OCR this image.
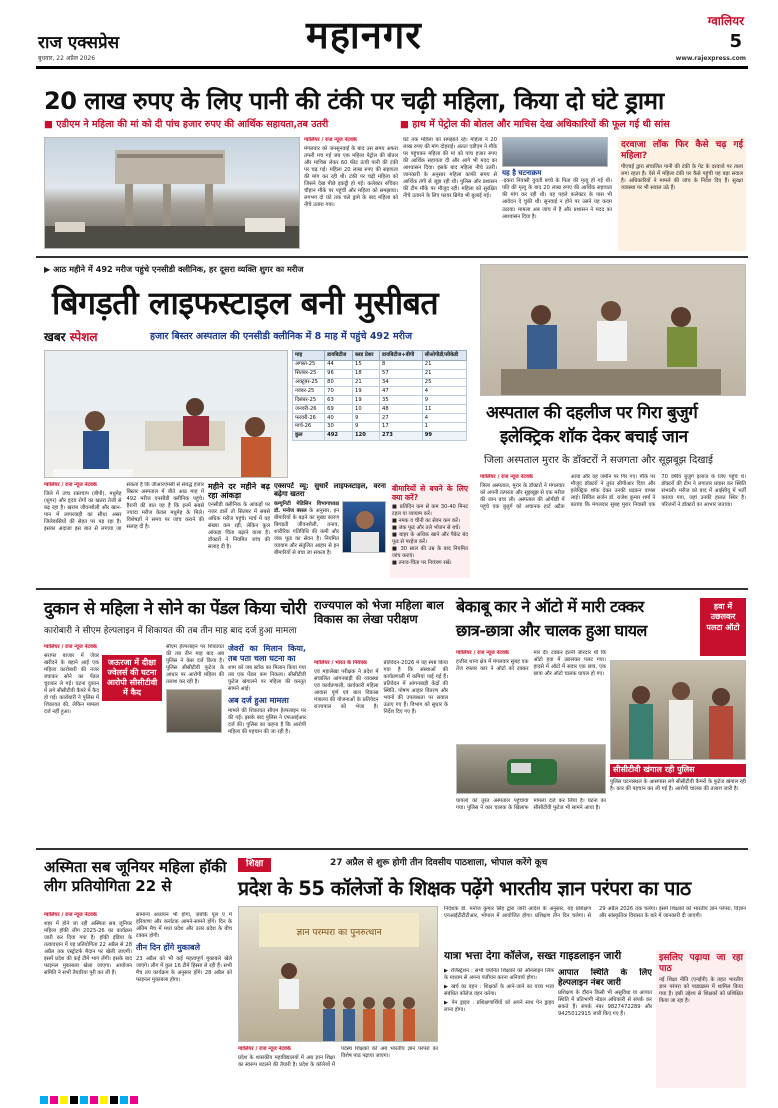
राज एक्सप्रेस
बुधवार, 22 अप्रैल 2026
महानगर	ग्वालियर
5
www.rajexpress.com
20 लाख रुपए के लिए पानी की टंकी पर चढ़ी महिला, किया दो घंटे ड्रामा
■ एडीएम ने महिला की मां को दी पांच हजार रुपए की आर्थिक सहायता,तब उतरी	■ हाथ में पेट्रोल की बोतल और माचिस देख अधिकारियों की फूल गई थी सांस
ग्वालियर / राज न्यूज नेटवर्क
मंगलवार को जनसुनवाई के बाद उस समय अफरा तफरी मच गई जब एक महिला पेट्रोल की बोतल और माचिस लेकर 60 फीट ऊंची पानी की टंकी पर चढ़ गई। महिला 20 लाख रुपए की सहायता की मांग कर रही थी। टंकी पर चढ़ी महिला को जिसने देख पीछे इकट्ठी हो गई। कलेक्टर रुचिका चौहान मौके पर पहुंचीं और महिला को समझाया। लगभग दो घंटे तक चले ड्रामे के बाद महिला को नीचे उतारा गया।
घंटे तक महिला को समझाते रहे। महिला ने 20 लाख रुपए की मांग दोहराई। अंततः एडीएम ने मौके पर पहुंचकर महिला की मां को पांच हजार रुपए की आर्थिक सहायता दी और आगे भी मदद का आश्वासन दिया। इसके बाद महिला नीचे उतरी। जानकारी के अनुसार महिला काफी समय से आर्थिक तंगी से जूझ रही थी। पुलिस और प्रशासन की टीम मौके पर मौजूद रही। महिला को सुरक्षित नीचे उतारने के लिए फायर ब्रिगेड भी बुलाई गई।
यह है घटनाक्रम
-इकरा निवासी युवती बच्चे के पिता की मृत्यु हो गई थी। पति की मृत्यु के बाद 20 लाख रुपए की आर्थिक सहायता की मांग कर रही थी। वह पहले कलेक्टर के पास भी आवेदन दे चुकी थी। सुनवाई न होने पर उसने यह कदम उठाया। मामला अब जांच में है और प्रशासन ने मदद का आश्वासन दिया है।
दरवाजा लॉक फिर कैसे चढ़ गई महिला?
पीएचई द्वारा संचालित पानी की टंकी के गेट के दरवाजे पर ताला लगा रहता है। ऐसे में महिला टंकी पर कैसे पहुंची यह बड़ा सवाल है। अधिकारियों ने मामले की जांच के निर्देश दिए हैं। सुरक्षा व्यवस्था पर भी सवाल उठे हैं।
▶ आठ महीने में 492 मरीज पहुंचे एनसीडी क्लीनिक, हर दूसरा व्यक्ति शुगर का मरीज
बिगड़ती लाइफस्टाइल बनी मुसीबत
खबर स्पेशल	हजार बिस्तर अस्पताल की एनसीडी क्लीनिक में 8 माह में पहुंचे 492 मरीज
माह	डायबिटीज	ब्लड प्रेशर	डायबिटीज+बीपी	सीओपीडी/सीकेडी
अगस्त-25	44	15	8	21
सितंबर-25	96	18	57	21
अक्टूबर-25	80	21	34	25
नवंबर-25	70	19	47	4
दिसंबर-25	63	19	35	9
जनवरी-26	69	10	48	11
फरवरी-26	40	9	27	4
मार्च-26	30	9	17	1
कुल	492	120	273	99
ग्वालियर / राज न्यूज नेटवर्क
जिले में उच्च रक्तचाप (बीपी), मधुमेह (शुगर) और हृदय रोगों का खतरा तेजी से बढ़ रहा है। खराब जीवनशैली और खान-पान में लापरवाही का सीधा असर जिलेवासियों की सेहत पर पड़ रहा है। इसका अंदाजा इस बात से लगाया जा सकता है कि जीआरएमसी से संबद्ध हजार बिस्तर अस्पताल में बीते आठ माह में 492 मरीज एनसीडी क्लीनिक पहुंचे। हैरानी की बात यह है कि इनमें सबसे ज्यादा मरीज केवल मधुमेह के मिले। विशेषज्ञों ने समय पर जांच कराने की सलाह दी है।
महीने दर महीने बढ़ रहा आंकड़ा
एनसीडी क्लीनिक के आंकड़ों पर नजर डालें तो सितंबर में सबसे अधिक मरीज पहुंचे। मार्च में यह संख्या कम रही, लेकिन कुल आंकड़ा चिंता बढ़ाने वाला है। डॉक्टरों ने नियमित जांच की सलाह दी है।
एक्सपर्ट व्यू: सुधारें लाइफस्टाइल, वरना बढ़ेगा खतरा
कम्युनिटी मेडिसिन विभागाध्यक्ष डॉ. मनोज बंसल के अनुसार, इन बीमारियों के बढ़ने का मुख्य कारण बिगड़ती जीवनशैली, तनाव, शारीरिक गतिविधि की कमी और जंक फूड का सेवन है। नियमित व्यायाम और संतुलित आहार से इन बीमारियों से बचा जा सकता है।
बीमारियों से बचने के लिए क्या करें?
■ प्रतिदिन कम से कम 30-40 मिनट टहल या व्यायाम करें।
■ नमक व चीनी का सेवन कम करें।
■ जंक फूड और तले भोजन से बचें।
■ बाहर के अधिक खाने और पैकेट बंद फूड से परहेज करें।
■ 30 साल की उम्र के बाद नियमित जांच कराएं।
■ तनाव-चिंता पर नियंत्रण रखें।
अस्पताल की दहलीज पर गिरा बुजुर्ग
इलेक्ट्रिक शॉक देकर बचाई जान
जिला अस्पताल मुरार के डॉक्टरों ने सजगता और सूझबूझ दिखाई
ग्वालियर / राज न्यूज नेटवर्क
जिला अस्पताल, मुरार के डॉक्टरों ने मंगलवार को अपनी तत्परता और सूझबूझ से एक मरीज की जान बचा ली। अस्पताल की ओपीडी में पहुंचे एक बुजुर्ग को अचानक हार्ट अटैक आया और वह जमीन पर गिर गए। मौके पर मौजूद डॉक्टरों ने तुरंत सीपीआर दिया और इलेक्ट्रिक शॉक देकर उनकी धड़कन वापस लाई। सिविल सर्जन डॉ. राजेश कुमार शर्मा ने बताया कि मंगलवार सुबह मुरार निवासी एक 70 वर्षीय बुजुर्ग इलाज के लिए पहुंचे थे। डॉक्टरों की टीम ने लगातार प्रयास कर स्थिति संभाली। मरीज को बाद में आईसीयू में भर्ती कराया गया, जहां उनकी हालत स्थिर है। परिजनों ने डॉक्टरों का आभार जताया।
दुकान से महिला ने सोने का पेंडल किया चोरी
कारोबारी ने सीएम हेल्पलाइन में शिकायत की तब तीन माह बाद दर्ज हुआ मामला
ग्वालियर / राज न्यूज नेटवर्क
जऊरजा में दीक्षा ज्वेलर्स की घटना आरोपी सीसीटीवी में कैद
सराफा बाजार में जेवर खरीदने के बहाने आई एक महिला कारोबारी की नजर बचाकर सोने का पेंडल चुराकर ले गई। घटना दुकान में लगे सीसीटीवी कैमरे में कैद हो गई। कारोबारी ने पुलिस में शिकायत की, लेकिन मामला दर्ज नहीं हुआ।
सीएम हेल्पलाइन पर शिकायत की तब तीन माह बाद अब पुलिस ने केस दर्ज किया है। पुलिस सीसीटीवी फुटेज के आधार पर आरोपी महिला की तलाश कर रही है।
जेवरों का मिलान किया, तब पता चला घटना का
शाम को जब स्टॉक का मिलान किया गया तब एक पेंडल कम निकला। सीसीटीवी फुटेज खंगालने पर महिला की करतूत सामने आई।
अब दर्ज हुआ मामला
मामले की शिकायत सीएम हेल्पलाइन पर की गई। इसके बाद पुलिस ने एफआईआर दर्ज की। पुलिस का कहना है कि आरोपी महिला की पहचान की जा रही है।
राज्यपाल को भेजा महिला बाल विकास का लेखा परीक्षण
ग्वालियर / भारत के नियंत्रक
एवं महालेखा परीक्षक ने प्रदेश में संचालित आंगनबाड़ी की व्यवस्था एवं कार्यप्रणाली, कार्यकारी महिला आवास पूर्ण एवं बाल विकास मंत्रालय की योजनाओं के प्रतिवेदन राज्यपाल को भेजा है। प्रतिवेदन-2026 में यह स्पष्ट किया गया है कि संस्थाओं की कार्यप्रणाली में कमियां पाई गई हैं। प्रतिवेदन में आंगनबाड़ी केंद्रों की स्थिति, पोषण आहार वितरण और भवनों की उपलब्धता पर सवाल उठाए गए हैं। विभाग को सुधार के निर्देश दिए गए हैं।
बेकाबू कार ने ऑटो में मारी टक्कर
छात्र-छात्रा और चालक हुआ घायल
हवा में उछलकर पलटा ऑटो
ग्वालियर / राज न्यूज नेटवर्क
हजीरा थाना क्षेत्र में मंगलवार सुबह एक तेज रफ्तार कार ने ऑटो को टक्कर मार दी। टक्कर इतनी जोरदार थी कि ऑटो हवा में उछलकर पलट गया। हादसे में ऑटो में सवार एक छात्र, एक छात्रा और ऑटो चालक घायल हो गए।
घायलों को तुरंत अस्पताल पहुंचाया गया। पुलिस ने कार चालक के खिलाफ मामला दर्ज कर लिया है। घटना का सीसीटीवी फुटेज भी सामने आया है।
सीसीटीवी खंगाल रही पुलिस
पुलिस घटनास्थल के आसपास लगे सीसीटीवी कैमरों के फुटेज खंगाल रही है। कार की पहचान कर ली गई है। आरोपी चालक की तलाश जारी है।
अस्मिता सब जूनियर महिला हॉकी लीग प्रतियोगिता 22 से
ग्वालियर / राज न्यूज नेटवर्क
शहर में होने जा रही अस्मिता सब जूनियर महिला हॉकी लीग 2025-26 का कार्यक्रम जारी कर दिया गया है। हॉकी इंडिया के तत्वावधान में यह प्रतियोगिता 22 अप्रैल से 28 अप्रैल तक एस्ट्रोटर्फ मैदान पर खेली जाएगी। इसमें प्रदेश की कई टीमें भाग लेंगी। इसके बाद फाइनल मुकाबला खेला जाएगा। आयोजन समिति ने सभी तैयारियां पूरी कर ली हैं।
सामान्य अध्ययन भी होगा, जबकि पूल ए में हरियाणा और कर्नाटक आमने-सामने होंगे। दिन के अंतिम मैच में मध्य प्रदेश और उत्तर प्रदेश के बीच टक्कर होगी।
तीन दिन होंगे मुकाबले
23 अप्रैल को भी कई महत्वपूर्ण मुकाबले खेले जाएंगे। लीग में कुल 16 टीमें हिस्सा ले रही हैं। सभी मैच तय कार्यक्रम के अनुसार होंगे। 28 अप्रैल को फाइनल मुकाबला होगा।
शिक्षा	27 अप्रैल से शुरू होगी तीन दिवसीय पाठशाला, भोपाल करेंगे कूच
प्रदेश के 55 कॉलेजों के शिक्षक पढ़ेंगे भारतीय ज्ञान परंपरा का पाठ
ज्ञान परम्परा का पुनरुत्थान
ग्वालियर / राज न्यूज नेटवर्क
प्रदेश के शासकीय महाविद्यालयों में अब ज्ञान शिक्षा का स्वरूप बदलने की तैयारी है। प्रदेश के कॉलेजों में पदस्थ शिक्षकों को अब भारतीय ज्ञान परंपरा का विशेष पाठ पढ़ाया जाएगा।
निदेशक डॉ. मनोज कुमार सिंह द्वारा जारी आदेश के अनुसार, यह प्रशिक्षण एनआईटीटीटीआर, भोपाल में आयोजित होगा। प्रशिक्षण तीन दिन चलेगा। से 29 अप्रैल 2026 तक चलेगा। इसमें शिक्षकों को भारतीय ज्ञान परंपरा, विज्ञान और सांस्कृतिक विरासत के बारे में जानकारी दी जाएगी।
यात्रा भत्ता देगा कॉलेज, सख्त गाइडलाइन जारी
▶ रजिस्ट्रेशन : सभी चयनित शिक्षकों को ऑनलाइन लिंक के माध्यम से अपना पंजीयन करना अनिवार्य होगा।
▶ खर्च का वहन : शिक्षकों के आने-जाने का यात्रा भत्ता संबंधित कॉलेज वहन करेगा।
▶ पेन ड्राइव : प्रशिक्षणार्थियों को अपने साथ पेन ड्राइव लाना होगा।
आपात स्थिति के लिए हेल्पलाइन नंबर जारी
प्रशिक्षण के दौरान किसी भी असुविधा या आपात स्थिति में प्रतिभागी नोडल अधिकारी से संपर्क कर सकते हैं। संपर्क नंबर 9827472289 और 9425012915 जारी किए गए हैं।
इसलिए पढ़ाया जा रहा पाठ
नई शिक्षा नीति (एनईपी) के तहत भारतीय ज्ञान परंपरा को पाठ्यक्रम में शामिल किया गया है। इसी उद्देश्य से शिक्षकों को प्रशिक्षित किया जा रहा है।
